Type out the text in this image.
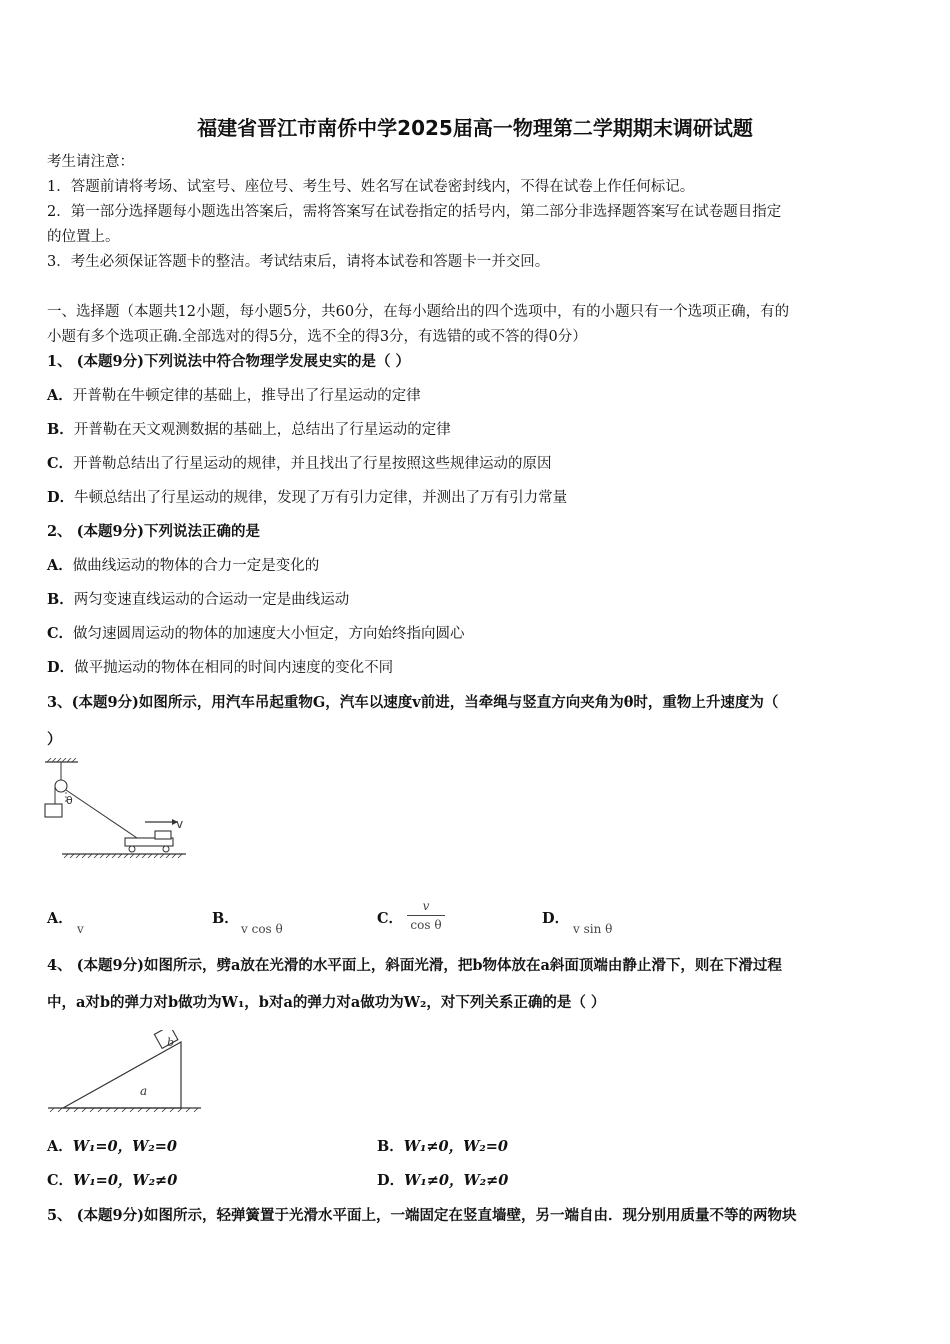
福建省晋江市南侨中学2025届高一物理第二学期期末调研试题
考生请注意：
1．答题前请将考场、试室号、座位号、考生号、姓名写在试卷密封线内，不得在试卷上作任何标记。
2．第一部分选择题每小题选出答案后，需将答案写在试卷指定的括号内，第二部分非选择题答案写在试卷题目指定
的位置上。
3．考生必须保证答题卡的整洁。考试结束后，请将本试卷和答题卡一并交回。
一、选择题（本题共12小题，每小题5分，共60分，在每小题给出的四个选项中，有的小题只有一个选项正确，有的
小题有多个选项正确.全部选对的得5分，选不全的得3分，有选错的或不答的得0分）
1、 (本题9分)下列说法中符合物理学发展史实的是（ ）
A．开普勒在牛顿定律的基础上，推导出了行星运动的定律
B．开普勒在天文观测数据的基础上，总结出了行星运动的定律
C．开普勒总结出了行星运动的规律，并且找出了行星按照这些规律运动的原因
D．牛顿总结出了行星运动的规律，发现了万有引力定律，并测出了万有引力常量
2、 (本题9分)下列说法正确的是
A．做曲线运动的物体的合力一定是变化的
B．两匀变速直线运动的合运动一定是曲线运动
C．做匀速圆周运动的物体的加速度大小恒定，方向始终指向圆心
D．做平抛运动的物体在相同的时间内速度的变化不同
3、(本题9分)如图所示，用汽车吊起重物G，汽车以速度v前进，当牵绳与竖直方向夹角为θ时，重物上升速度为（
）
θ
v
A．
v
B．
v cos θ
C．
v
cos θ	D．
v sin θ
4、 (本题9分)如图所示，劈a放在光滑的水平面上，斜面光滑，把b物体放在a斜面顶端由静止滑下，则在下滑过程
中，a对b的弹力对b做功为W₁，b对a的弹力对a做功为W₂，对下列关系正确的是（ ）
b
a
A．W₁=0，W₂=0	B．W₁≠0，W₂=0
C．W₁=0，W₂≠0	D．W₁≠0，W₂≠0
5、 (本题9分)如图所示，轻弹簧置于光滑水平面上，一端固定在竖直墙壁，另一端自由．现分别用质量不等的两物块
